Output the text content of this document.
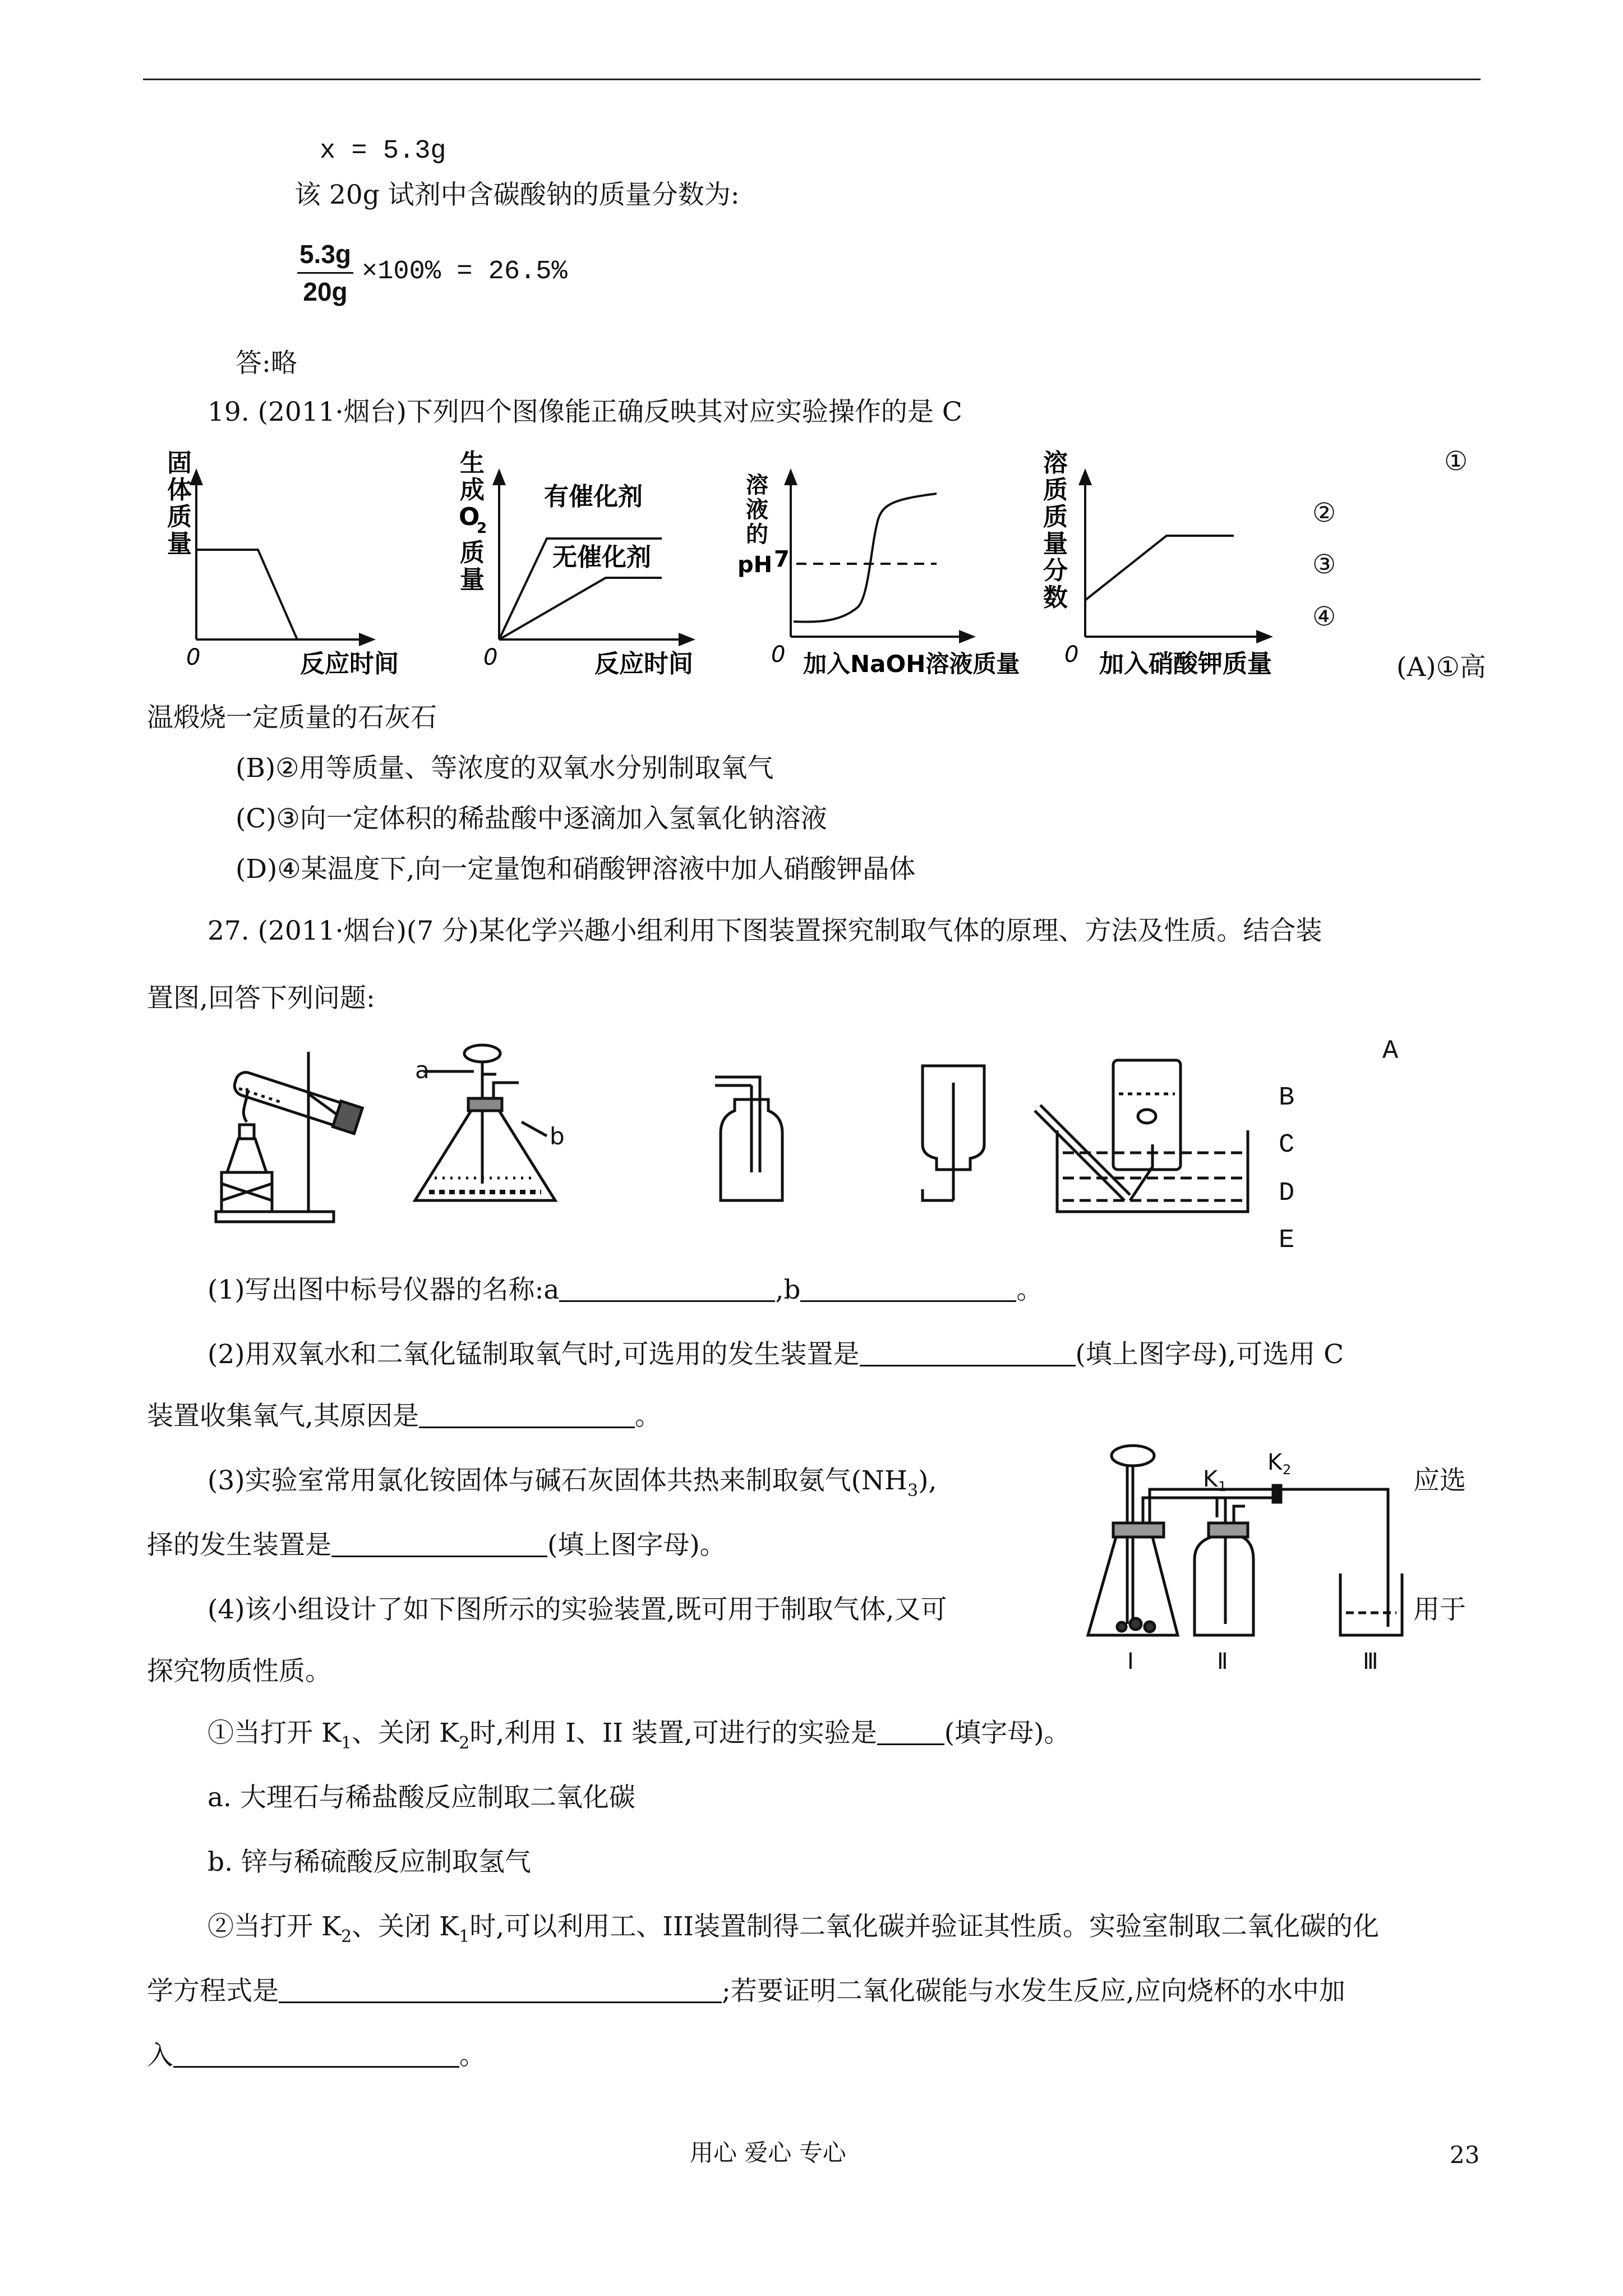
x = 5.3g
该 20g 试剂中含碳酸钠的质量分数为:
5.3g
20g
×100% = 26.5%
答:略
19. (2011·烟台)下列四个图像能正确反映其对应实验操作的是 C
固
体
质
量
0	反应时间
生
成
O
2
质
量
有催化剂
无催化剂
0	反应时间
溶
液
的
pH 7
0 加入NaOH溶液质量
溶
质
质
量
分
数
0 加入硝酸钾质量
①
②
③
④
(A)①高
温煅烧一定质量的石灰石
(B)②用等质量、等浓度的双氧水分别制取氧气
(C)③向一定体积的稀盐酸中逐滴加入氢氧化钠溶液
(D)④某温度下,向一定量饱和硝酸钾溶液中加人硝酸钾晶体
27. (2011·烟台)(7 分)某化学兴趣小组利用下图装置探究制取气体的原理、方法及性质。结合装
置图,回答下列问题:
a
b
A
B
C
D
E
(1)写出图中标号仪器的名称:a	,b	。
(2)用双氧水和二氧化锰制取氧气时,可选用的发生装置是	(填上图字母),可选用 C
装置收集氧气,其原因是	。
(3)实验室常用氯化铵固体与碱石灰固体共热来制取氨气$(NH_3)$,	应选
择的发生装置是	(填上图字母)。
(4)该小组设计了如下图所示的实验装置,既可用于制取气体,又可	用于
探究物质性质。
K 1
K 2
I	Ⅱ	Ⅲ
①当打开 $K_1$、关闭 $K_2$时,利用 I、II 装置,可进行的实验是	(填字母)。
a. 大理石与稀盐酸反应制取二氧化碳
b. 锌与稀硫酸反应制取氢气
②当打开 $K_2$、关闭 $K_1$时,可以利用工、III装置制得二氧化碳并验证其性质。实验室制取二氧化碳的化
学方程式是	;若要证明二氧化碳能与水发生反应,应向烧杯的水中加
入	。
用心 爱心 专心	23
